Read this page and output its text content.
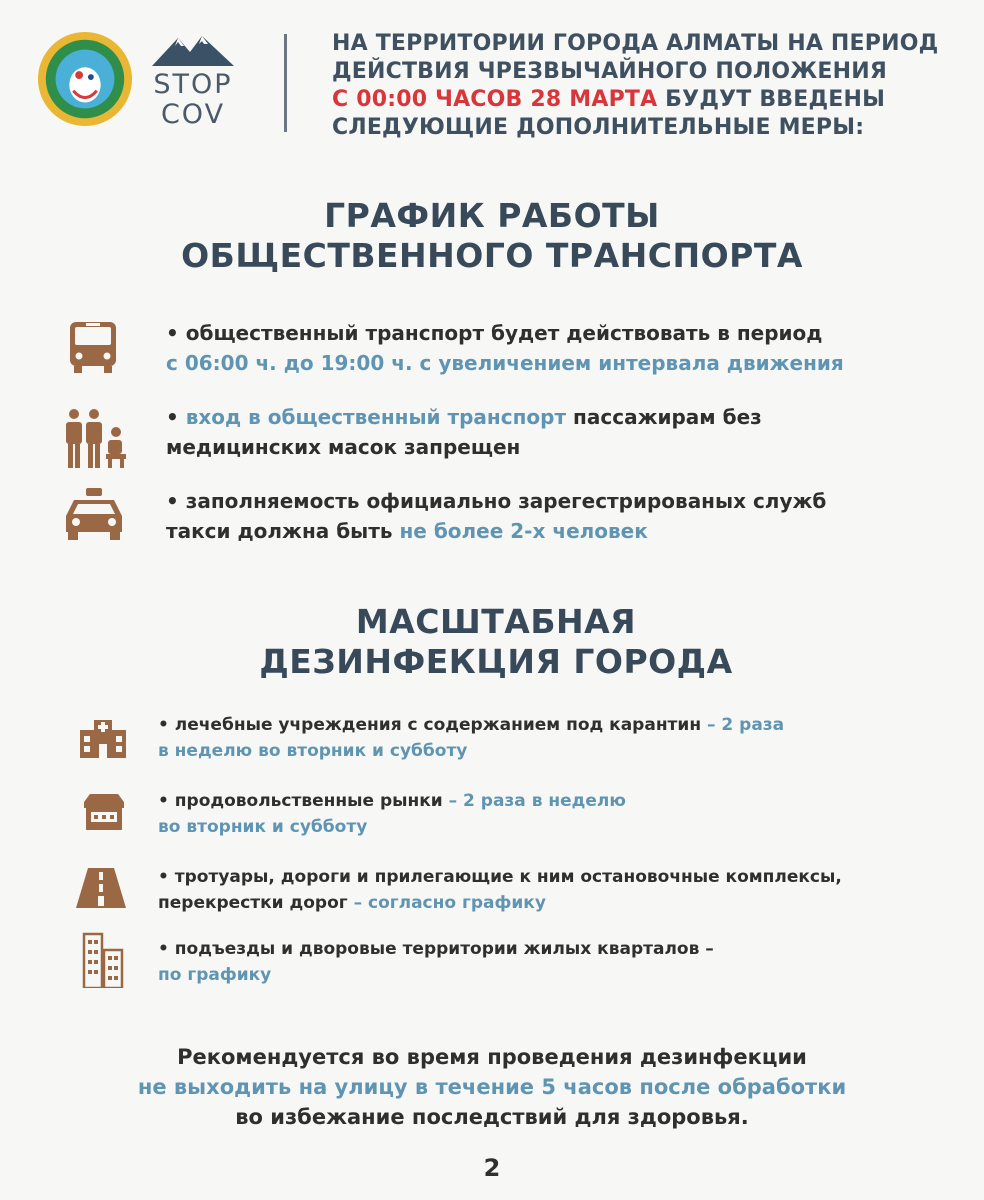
STOP
COV
НА ТЕРРИТОРИИ ГОРОДА АЛМАТЫ НА ПЕРИОД
ДЕЙСТВИЯ ЧРЕЗВЫЧАЙНОГО ПОЛОЖЕНИЯ
С 00:00 ЧАСОВ 28 МАРТА БУДУТ ВВЕДЕНЫ
СЛЕДУЮЩИЕ ДОПОЛНИТЕЛЬНЫЕ МЕРЫ:
ГРАФИК РАБОТЫ
ОБЩЕСТВЕННОГО ТРАНСПОРТА
• общественный транспорт будет действовать в период
с 06:00 ч. до 19:00 ч. с увеличением интервала движения
• вход в общественный транспорт пассажирам без
медицинских масок запрещен
• заполняемость официально зарегестрированых служб
такси должна быть не более 2-х человек
МАСШТАБНАЯ
ДЕЗИНФЕКЦИЯ ГОРОДА
• лечебные учреждения с содержанием под карантин – 2 раза
в неделю во вторник и субботу
• продовольственные рынки – 2 раза в неделю
во вторник и субботу
• тротуары, дороги и прилегающие к ним остановочные комплексы,
перекрестки дорог – согласно графику
• подъезды и дворовые территории жилых кварталов –
по графику
Рекомендуется во время проведения дезинфекции
не выходить на улицу в течение 5 часов после обработки
во избежание последствий для здоровья.
2
